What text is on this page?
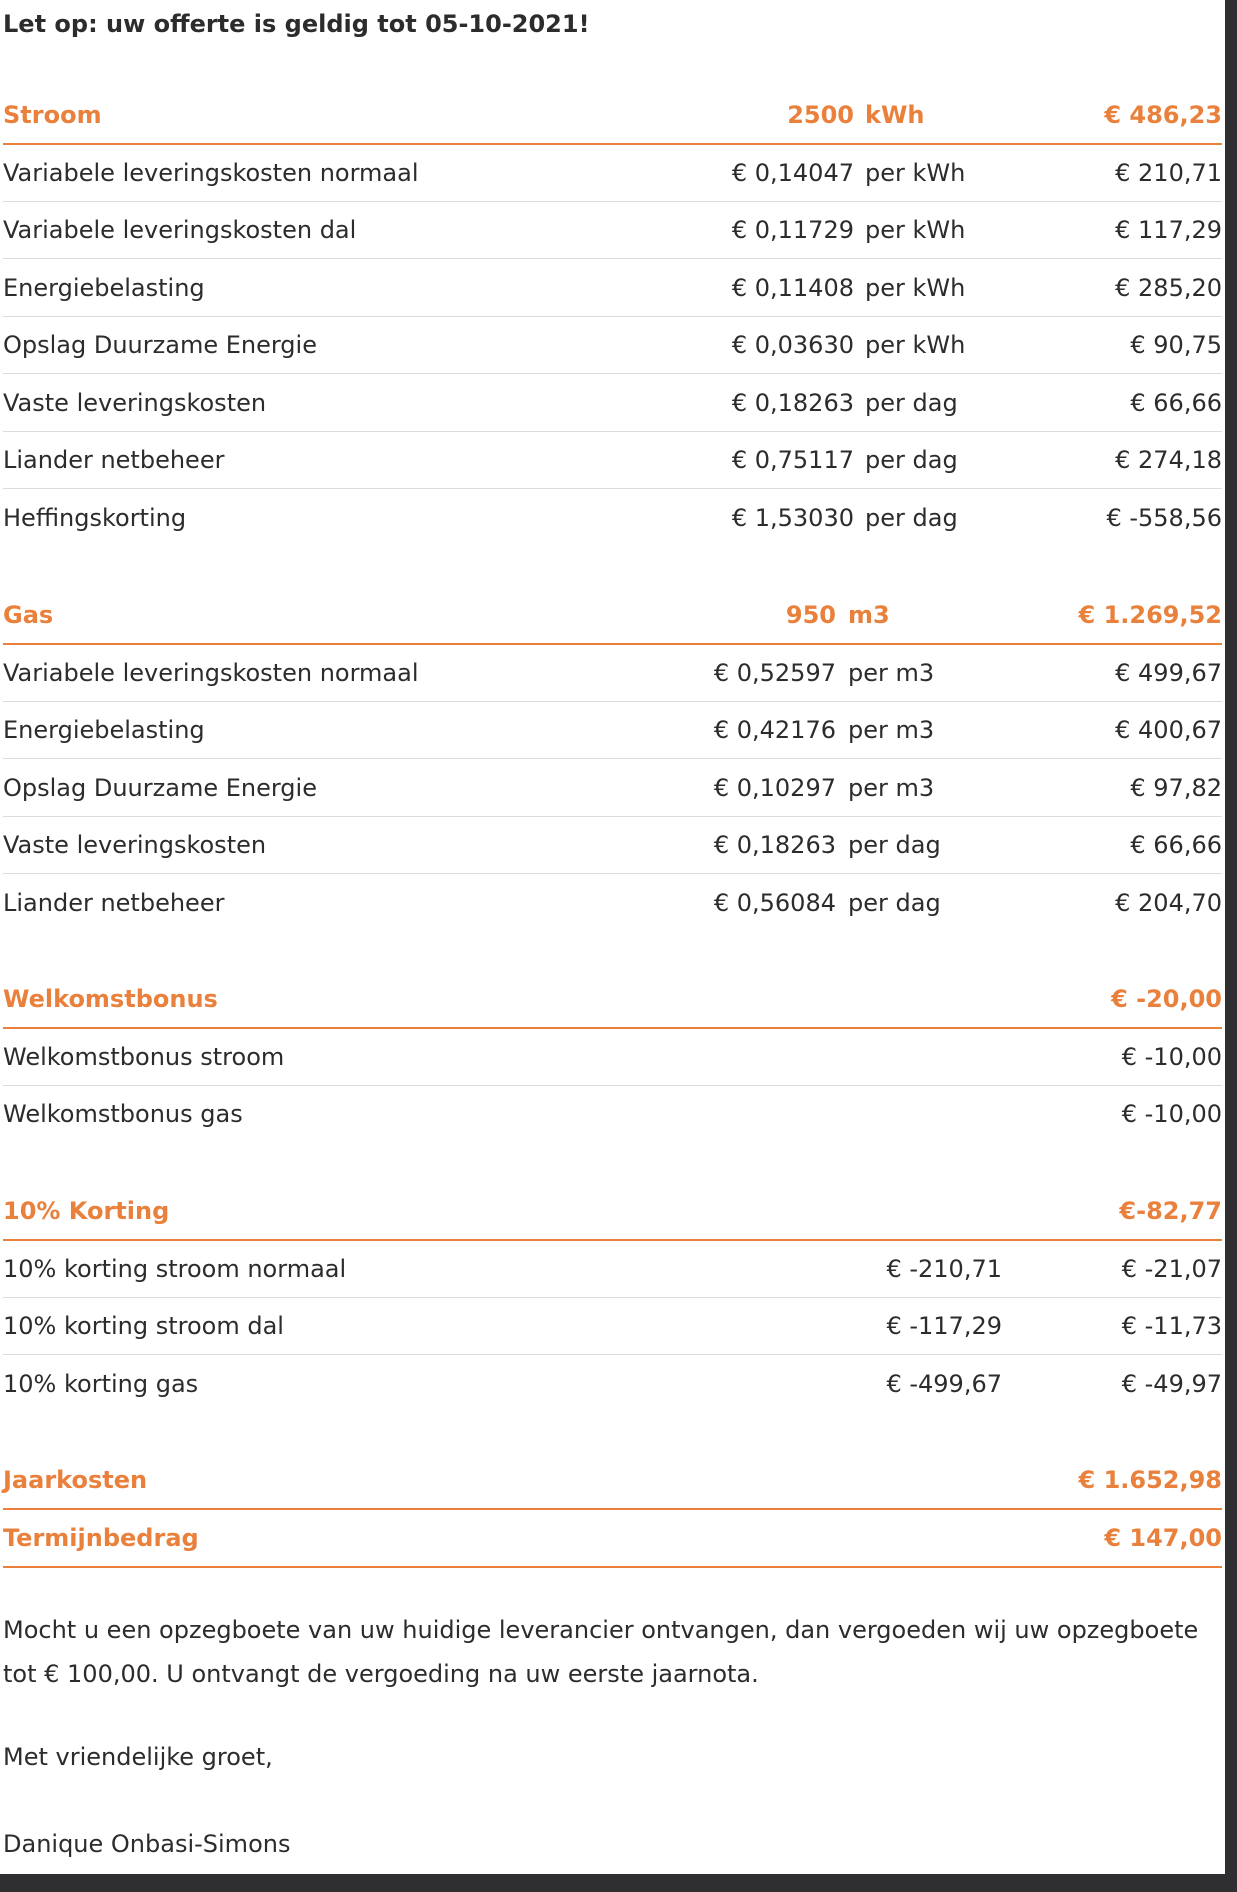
Let op: uw offerte is geldig tot 05-10-2021!
Stroom	2500 kWh	€ 486,23
Variabele leveringskosten normaal	€ 0,14047 per kWh	€ 210,71
Variabele leveringskosten dal	€ 0,11729 per kWh	€ 117,29
Energiebelasting	€ 0,11408 per kWh	€ 285,20
Opslag Duurzame Energie	€ 0,03630 per kWh	€ 90,75
Vaste leveringskosten	€ 0,18263 per dag	€ 66,66
Liander netbeheer	€ 0,75117 per dag	€ 274,18
Heffingskorting	€ 1,53030 per dag	€ -558,56
Gas	950 m3	€ 1.269,52
Variabele leveringskosten normaal	€ 0,52597 per m3	€ 499,67
Energiebelasting	€ 0,42176 per m3	€ 400,67
Opslag Duurzame Energie	€ 0,10297 per m3	€ 97,82
Vaste leveringskosten	€ 0,18263 per dag	€ 66,66
Liander netbeheer	€ 0,56084 per dag	€ 204,70
Welkomstbonus	€ -20,00
Welkomstbonus stroom	€ -10,00
Welkomstbonus gas	€ -10,00
10% Korting	€-82,77
10% korting stroom normaal	€ -210,71	€ -21,07
10% korting stroom dal	€ -117,29	€ -11,73
10% korting gas	€ -499,67	€ -49,97
Jaarkosten	€ 1.652,98
Termijnbedrag	€ 147,00
Mocht u een opzegboete van uw huidige leverancier ontvangen, dan vergoeden wij uw opzegboete tot € 100,00. U ontvangt de vergoeding na uw eerste jaarnota.
Met vriendelijke groet,
Danique Onbasi-Simons
